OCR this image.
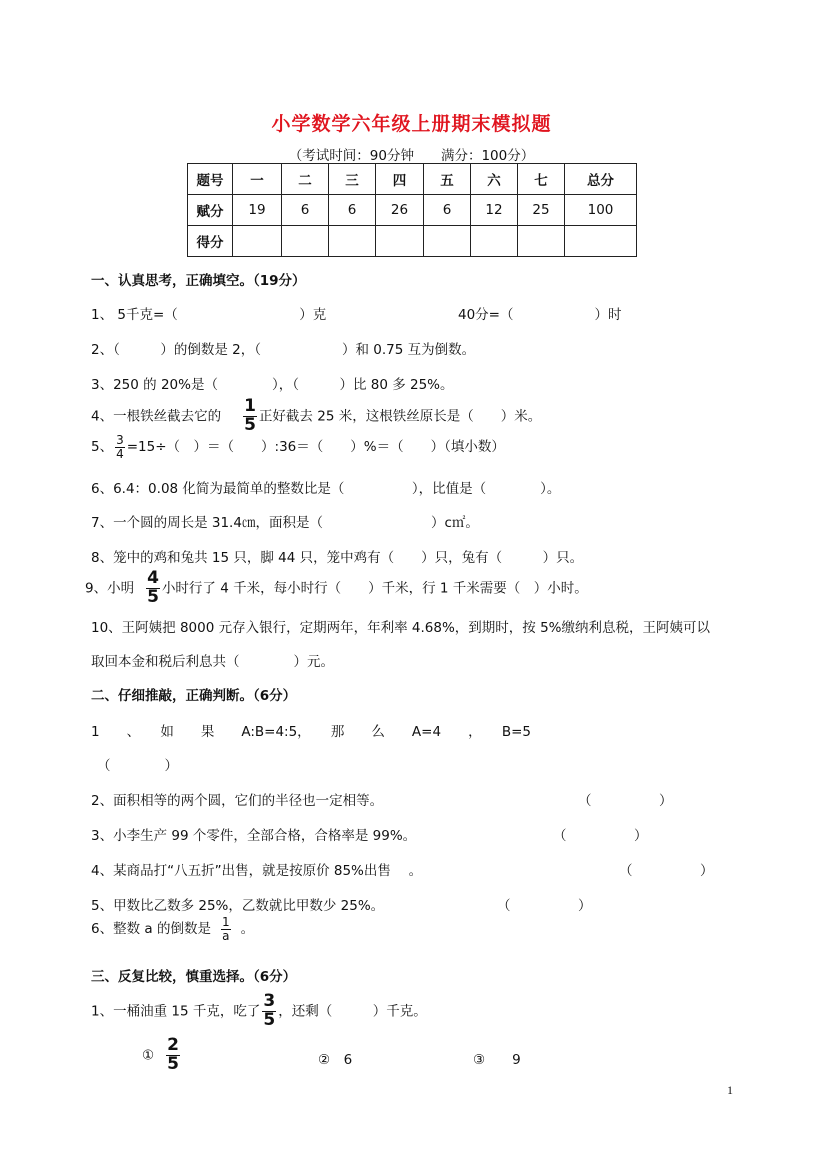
小学数学六年级上册期末模拟题
（考试时间：90分钟　　满分：100分）
题号	一	二	三	四	五	六	七	总分
赋分	19	6	6	26	6	12	25	100
得分								
一、认真思考，正确填空。（19分）
1、 5千克=（　　　　　　　　　）克	40分=（　　　　　　）时
2、（　　　）的倒数是 2，（　　　　　　）和 0.75 互为倒数。
3、250 的 20%是（　　　　），（　　　）比 80 多 25%。
4、一根铁丝截去它的 $\frac{1}{5}$ 正好截去 25 米，这根铁丝原长是（　　）米。
5、 $\frac{3}{4} =15\div$（　）＝（　　）:36＝（　　）%＝（　　）（填小数）
6、6.4：0.08 化简为最简单的整数比是（　　　　　），比值是（　　　　）。
7、一个圆的周长是 31.4㎝，面积是（　　　　　　　　）c㎡。
8、笼中的鸡和兔共 15 只，脚 44 只，笼中鸡有（　　）只，兔有（　　　）只。
9、小明 $\frac{4}{5}$ 小时行了 4 千米，每小时行（　　）千米，行 1 千米需要（　）小时。
10、王阿姨把 8000 元存入银行，定期两年，年利率 4.68%，到期时，按 5%缴纳利息税，王阿姨可以
取回本金和税后利息共（　　　　）元。
二、仔细推敲，正确判断。（6分）
1　　、　　如　　果　　A:B=4:5，　　那　　么　　A=4　　，　　B=5
（　　　　）
2、面积相等的两个圆，它们的半径也一定相等。	（　　　　　）
3、小李生产 99 个零件，全部合格，合格率是 99%。	（　　　　　）
4、某商品打“八五折”出售，就是按原价 85%出售　 。	（　　　　　）
5、甲数比乙数多 25%，乙数就比甲数少 25%。	（　　　　　）
6、整数 a 的倒数是 $\frac{1}{a}$ 。
三、反复比较，慎重选择。（6分）
1、一桶油重 15 千克，吃了 $\frac{3}{5}$ ，还剩（　　　）千克。
① $\frac{2}{5}$	②　6	③　　9
1
